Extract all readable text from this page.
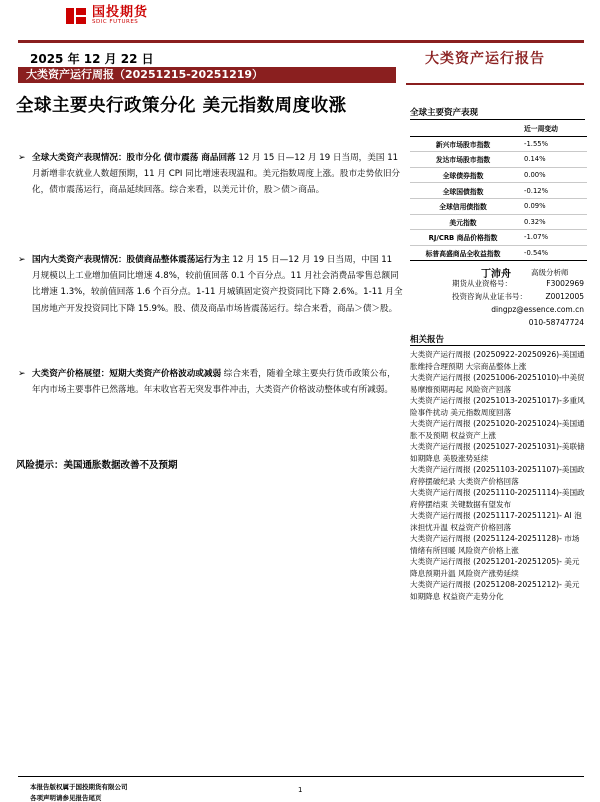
国投期货
SDIC FUTURES
2025 年 12 月 22 日
大类资产运行周报（20251215-20251219）
大类资产运行报告
全球主要央行政策分化 美元指数周度收涨
➢ 全球大类资产表现情况：股市分化 债市震荡 商品回落 12 月 15 日—12 月 19 日当周，美国 11 月新增非农就业人数超预期，11 月 CPI 同比增速表现温和。美元指数周度上涨。股市走势依旧分化，债市震荡运行，商品延续回落。综合来看，以美元计价，股＞债＞商品。
➢ 国内大类资产表现情况：股债商品整体震荡运行为主 12 月 15 日—12 月 19 日当周，中国 11 月规模以上工业增加值同比增速 4.8%，较前值回落 0.1 个百分点。11 月社会消费品零售总额同比增速 1.3%，较前值回落 1.6 个百分点。1-11 月城镇固定资产投资同比下降 2.6%。1-11 月全国房地产开发投资同比下降 15.9%。股、债及商品市场皆震荡运行。综合来看，商品＞债＞股。
➢ 大类资产价格展望：短期大类资产价格波动或减弱 综合来看，随着全球主要央行货币政策公布，年内市场主要事件已然落地。年末收官若无突发事件冲击，大类资产价格波动整体或有所减弱。
风险提示：美国通胀数据改善不及预期
全球主要资产表现
	近一周变动
新兴市场股市指数	-1.55%
发达市场股市指数	0.14%
全球债券指数	0.00%
全球国债指数	-0.12%
全球信用债指数	0.09%
美元指数	0.32%
RJ/CRB 商品价格指数	-1.07%
标普高盛商品全收益指数	-0.54%
丁沛舟	高级分析师
期货从业资格号：	F3002969
投资咨询从业证书号： Z0012005
dingpz@essence.com.cn
010-58747724
相关报告
大类资产运行周报 (20250922-20250926)-美国通胀维持合理预期 大宗商品整体上涨
大类资产运行周报 (20251006-20251010)-中美贸易摩擦预期再起 风险资产回落
大类资产运行周报 (20251013-20251017)-多重风险事件扰动 美元指数周度回落
大类资产运行周报 (20251020-20251024)-美国通胀不及预期 权益资产上涨
大类资产运行周报 (20251027-20251031)-美联储如期降息 美股涨势延续
大类资产运行周报 (20251103-20251107)-美国政府停摆破纪录 大类资产价格回落
大类资产运行周报 (20251110-20251114)-美国政府停摆结束 关键数据有望发布
大类资产运行周报 (20251117-20251121)- AI 泡沫担忧升温 权益资产价格回落
大类资产运行周报 (20251124-20251128)- 市场情绪有所回暖 风险资产价格上涨
大类资产运行周报 (20251201-20251205)- 美元降息预期升温 风险资产涨势延续
大类资产运行周报 (20251208-20251212)- 美元如期降息 权益资产走势分化
本报告版权属于国投期货有限公司
各项声明请参见报告尾页
1
